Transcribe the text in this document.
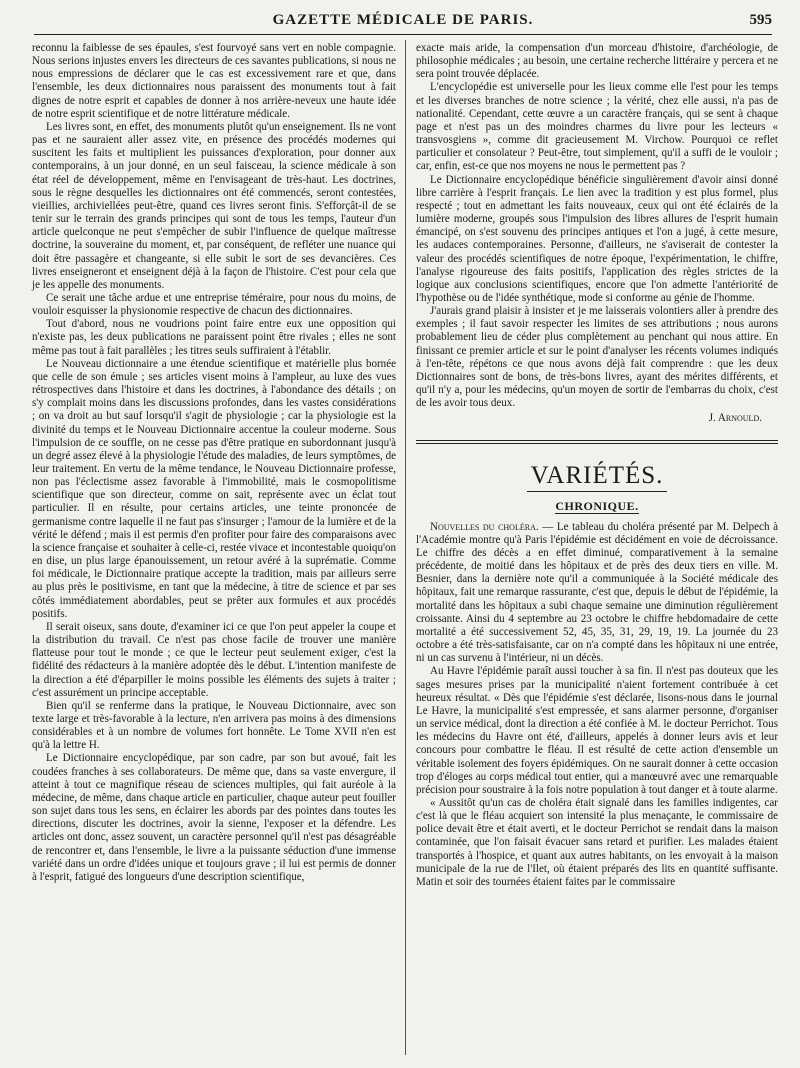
GAZETTE MÉDICALE DE PARIS.	595

reconnu la faiblesse de ses épaules, s'est fourvoyé sans vert en noble compagnie. Nous serions injustes envers les directeurs de ces savantes publications, si nous ne nous empressions de déclarer que le cas est excessivement rare et que, dans l'ensemble, les deux dictionnaires nous paraissent des monuments tout à fait dignes de notre esprit et capables de donner à nos arrière-neveux une haute idée de notre esprit scientifique et de notre littérature médicale.

Les livres sont, en effet, des monuments plutôt qu'un enseignement. Ils ne vont pas et ne sauraient aller assez vite, en présence des procédés modernes qui suscitent les faits et multiplient les puissances d'exploration, pour donner aux contemporains, à un jour donné, en un seul faisceau, la science médicale à son état réel de développement, même en l'envisageant de très-haut. Les doctrines, sous le règne desquelles les dictionnaires ont été commencés, seront contestées, vieillies, archiviellées peut-être, quand ces livres seront finis. S'efforçât-il de se tenir sur le terrain des grands principes qui sont de tous les temps, l'auteur d'un article quelconque ne peut s'empêcher de subir l'influence de quelque maîtresse doctrine, la souveraine du moment, et, par conséquent, de refléter une nuance qui doit être passagère et changeante, si elle subit le sort de ses devancières. Ces livres enseigneront et enseignent déjà à la façon de l'histoire. C'est pour cela que je les appelle des monuments.

Ce serait une tâche ardue et une entreprise téméraire, pour nous du moins, de vouloir esquisser la physionomie respective de chacun des dictionnaires.

Tout d'abord, nous ne voudrions point faire entre eux une opposition qui n'existe pas, les deux publications ne paraissent point être rivales ; elles ne sont même pas tout à fait parallèles ; les titres seuls suffiraient à l'établir.

Le Nouveau dictionnaire a une étendue scientifique et matérielle plus bornée que celle de son émule ; ses articles visent moins à l'ampleur, au luxe des vues rétrospectives dans l'histoire et dans les doctrines, à l'abondance des détails ; on s'y complait moins dans les discussions profondes, dans les vastes considérations ; on va droit au but sauf lorsqu'il s'agit de physiologie ; car la physiologie est la divinité du temps et le Nouveau Dictionnaire accentue la couleur moderne. Sous l'impulsion de ce souffle, on ne cesse pas d'être pratique en subordonnant jusqu'à un degré assez élevé à la physiologie l'étude des maladies, de leurs symptômes, de leur traitement. En vertu de la même tendance, le Nouveau Dictionnaire professe, non pas l'éclectisme assez favorable à l'immobilité, mais le cosmopolitisme scientifique que son directeur, comme on sait, représente avec un éclat tout particulier. Il en résulte, pour certains articles, une teinte prononcée de germanisme contre laquelle il ne faut pas s'insurger ; l'amour de la lumière et de la vérité le défend ; mais il est permis d'en profiter pour faire des comparaisons avec la science française et souhaiter à celle-ci, restée vivace et incontestable quoiqu'on en dise, un plus large épanouissement, un retour avéré à la suprématie. Comme foi médicale, le Dictionnaire pratique accepte la tradition, mais par ailleurs serre au plus près le positivisme, en tant que la médecine, à titre de science et par ses côtés immédiatement abordables, peut se prêter aux formules et aux procédés positifs.

Il serait oiseux, sans doute, d'examiner ici ce que l'on peut appeler la coupe et la distribution du travail. Ce n'est pas chose facile de trouver une manière flatteuse pour tout le monde ; ce que le lecteur peut seulement exiger, c'est la fidélité des rédacteurs à la manière adoptée dès le début. L'intention manifeste de la direction a été d'éparpiller le moins possible les éléments des sujets à traiter ; c'est assurément un principe acceptable.

Bien qu'il se renferme dans la pratique, le Nouveau Dictionnaire, avec son texte large et très-favorable à la lecture, n'en arrivera pas moins à des dimensions considérables et à un nombre de volumes fort honnête. Le Tome XVII n'en est qu'à la lettre H.

Le Dictionnaire encyclopédique, par son cadre, par son but avoué, fait les coudées franches à ses collaborateurs. De même que, dans sa vaste envergure, il atteint à tout ce magnifique réseau de sciences multiples, qui fait auréole à la médecine, de même, dans chaque article en particulier, chaque auteur peut fouiller son sujet dans tous les sens, en éclairer les abords par des pointes dans toutes les directions, discuter les doctrines, avoir la sienne, l'exposer et la défendre. Les articles ont donc, assez souvent, un caractère personnel qu'il n'est pas désagréable de rencontrer et, dans l'ensemble, le livre a la puissante séduction d'une immense variété dans un ordre d'idées unique et toujours grave ; il lui est permis de donner à l'esprit, fatigué des longueurs d'une description scientifique,

exacte mais aride, la compensation d'un morceau d'histoire, d'archéologie, de philosophie médicales ; au besoin, une certaine recherche littéraire y percera et ne sera point trouvée déplacée.

L'encyclopédie est universelle pour les lieux comme elle l'est pour les temps et les diverses branches de notre science ; la vérité, chez elle aussi, n'a pas de nationalité. Cependant, cette œuvre a un caractère français, qui se sent à chaque page et n'est pas un des moindres charmes du livre pour les lecteurs « transvosgiens », comme dit gracieusement M. Virchow. Pourquoi ce reflet particulier et consolateur ? Peut-être, tout simplement, qu'il a suffi de le vouloir ; car, enfin, est-ce que nos moyens ne nous le permettent pas ?

Le Dictionnaire encyclopédique bénéficie singulièrement d'avoir ainsi donné libre carrière à l'esprit français. Le lien avec la tradition y est plus formel, plus respecté ; tout en admettant les faits nouveaux, ceux qui ont été éclairés de la lumière moderne, groupés sous l'impulsion des libres allures de l'esprit humain émancipé, on s'est souvenu des principes antiques et l'on a jugé, à cette mesure, les audaces contemporaines. Personne, d'ailleurs, ne s'aviserait de contester la valeur des procédés scientifiques de notre époque, l'expérimentation, le chiffre, l'analyse rigoureuse des faits positifs, l'application des règles strictes de la logique aux conclusions scientifiques, encore que l'on admette l'antériorité de l'hypothèse ou de l'idée synthétique, mode si conforme au génie de l'homme.

J'aurais grand plaisir à insister et je me laisserais volontiers aller à prendre des exemples ; il faut savoir respecter les limites de ses attributions ; nous aurons probablement lieu de céder plus complètement au penchant qui nous attire. En finissant ce premier article et sur le point d'analyser les récents volumes indiqués à l'en-tête, répétons ce que nous avons déjà fait comprendre : que les deux Dictionnaires sont de bons, de très-bons livres, ayant des mérites différents, et qu'il n'y a, pour les médecins, qu'un moyen de sortir de l'embarras du choix, c'est de les avoir tous deux.

J. Arnould.
VARIÉTÉS.
CHRONIQUE.

Nouvelles du choléra. — Le tableau du choléra présenté par M. Delpech à l'Académie montre qu'à Paris l'épidémie est décidément en voie de décroissance. Le chiffre des décès a en effet diminué, comparativement à la semaine précédente, de moitié dans les hôpitaux et de près des deux tiers en ville. M. Besnier, dans la dernière note qu'il a communiquée à la Société médicale des hôpitaux, fait une remarque rassurante, c'est que, depuis le début de l'épidémie, la mortalité dans les hôpitaux a subi chaque semaine une diminution régulièrement croissante. Ainsi du 4 septembre au 23 octobre le chiffre hebdomadaire de cette mortalité a été successivement 52, 45, 35, 31, 29, 19, 19. La journée du 23 octobre a été très-satisfaisante, car on n'a compté dans les hôpitaux ni une entrée, ni un cas survenu à l'intérieur, ni un décès.

Au Havre l'épidémie paraît aussi toucher à sa fin. Il n'est pas douteux que les sages mesures prises par la municipalité n'aient fortement contribuée à cet heureux résultat. « Dès que l'épidémie s'est déclarée, lisons-nous dans le journal Le Havre, la municipalité s'est empressée, et sans alarmer personne, d'organiser un service médical, dont la direction a été confiée à M. le docteur Perrichot. Tous les médecins du Havre ont été, d'ailleurs, appelés à donner leurs avis et leur concours pour combattre le fléau. Il est résulté de cette action d'ensemble un véritable isolement des foyers épidémiques. On ne saurait donner à cette occasion trop d'éloges au corps médical tout entier, qui a manœuvré avec une remarquable précision pour soustraire à la fois notre population à tout danger et à toute alarme.

« Aussitôt qu'un cas de choléra était signalé dans les familles indigentes, car c'est là que le fléau acquiert son intensité la plus menaçante, le commissaire de police devait être et était averti, et le docteur Perrichot se rendait dans la maison contaminée, que l'on faisait évacuer sans retard et purifier. Les malades étaient transportés à l'hospice, et quant aux autres habitants, on les envoyait à la maison municipale de la rue de l'Ilet, où étaient préparés des lits en quantité suffisante. Matin et soir des tournées étaient faites par le commissaire
